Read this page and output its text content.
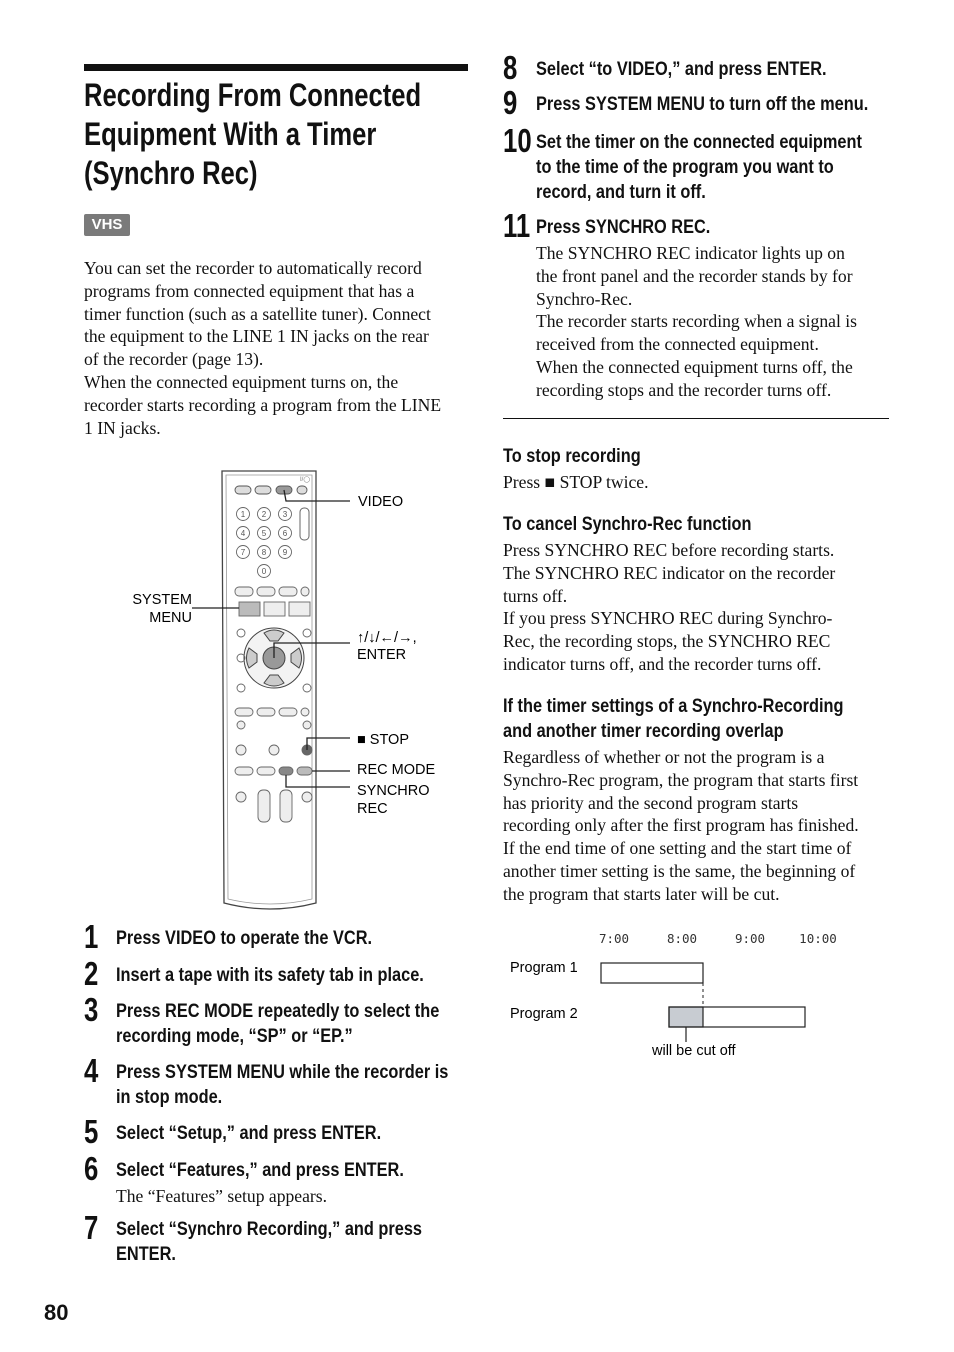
Recording From Connected
Equipment With a Timer
(Synchro Rec)
VHS
You can set the recorder to automatically record
programs from connected equipment that has a
timer function (such as a satellite tuner). Connect
the equipment to the LINE 1 IN jacks on the rear
of the recorder (page 13).
When the connected equipment turns on, the
recorder starts recording a program from the LINE
1 IN jacks.
I/◯
1 2 3
4 5 6
7 8 9
0
VIDEO
SYSTEM
MENU
↑/↓/←/→,
ENTER
■ STOP
REC MODE
SYNCHRO
REC
1 Press VIDEO to operate the VCR.
2 Insert a tape with its safety tab in place.
3 Press REC MODE repeatedly to select the
recording mode, “SP” or “EP.”
4 Press SYSTEM MENU while the recorder is
in stop mode.
5 Select “Setup,” and press ENTER.
6 Select “Features,” and press ENTER.
The “Features” setup appears.
7 Select “Synchro Recording,” and press
ENTER.
80
8 Select “to VIDEO,” and press ENTER.
9 Press SYSTEM MENU to turn off the menu.
10 Set the timer on the connected equipment
to the time of the program you want to
record, and turn it off.
11 Press SYNCHRO REC.
The SYNCHRO REC indicator lights up on
the front panel and the recorder stands by for
Synchro-Rec.
The recorder starts recording when a signal is
received from the connected equipment.
When the connected equipment turns off, the
recording stops and the recorder turns off.
To stop recording
Press ■ STOP twice.
To cancel Synchro-Rec function
Press SYNCHRO REC before recording starts.
The SYNCHRO REC indicator on the recorder
turns off.
If you press SYNCHRO REC during Synchro-
Rec, the recording stops, the SYNCHRO REC
indicator turns off, and the recorder turns off.
If the timer settings of a Synchro-Recording
and another timer recording overlap
Regardless of whether or not the program is a
Synchro-Rec program, the program that starts first
has priority and the second program starts
recording only after the first program has finished.
If the end time of one setting and the start time of
another timer setting is the same, the beginning of
the program that starts later will be cut.
7:00	8:00	9:00	10:00
Program 1
Program 2
will be cut off
